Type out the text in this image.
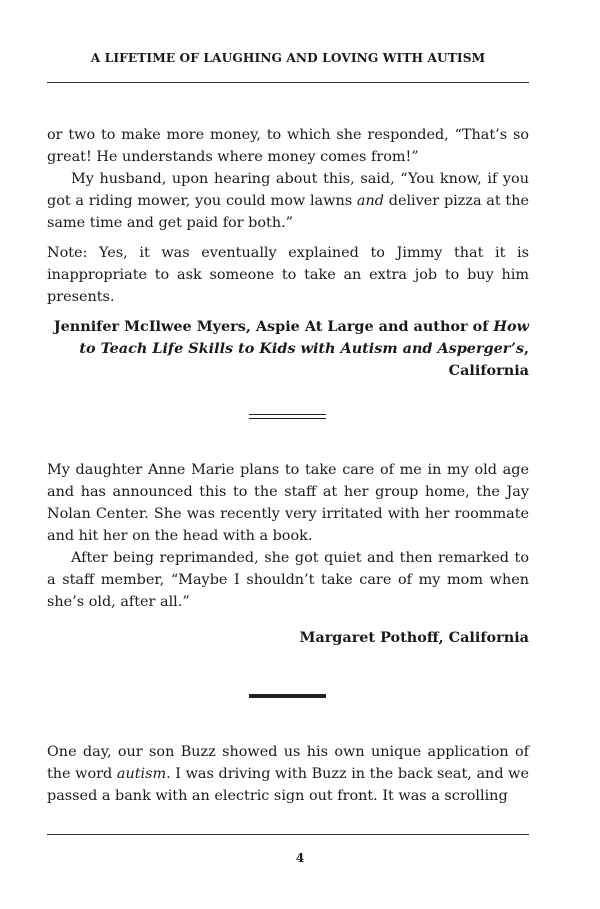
A LIFETIME OF LAUGHING AND LOVING WITH AUTISM

or two to make more money, to which she responded, “That’s so great! He understands where money comes from!”

My husband, upon hearing about this, said, “You know, if you got a riding mower, you could mow lawns and deliver pizza at the same time and get paid for both.”

Note: Yes, it was eventually explained to Jimmy that it is inappropriate to ask someone to take an extra job to buy him presents.

Jennifer McIlwee Myers, Aspie At Large and author of How to Teach Life Skills to Kids with Autism and Asperger’s, California

My daughter Anne Marie plans to take care of me in my old age and has announced this to the staff at her group home, the Jay Nolan Center. She was recently very irritated with her roommate and hit her on the head with a book.

After being reprimanded, she got quiet and then remarked to a staff member, “Maybe I shouldn’t take care of my mom when she’s old, after all.”

Margaret Pothoff, California

One day, our son Buzz showed us his own unique application of the word autism. I was driving with Buzz in the back seat, and we passed a bank with an electric sign out front. It was a scrolling

4
